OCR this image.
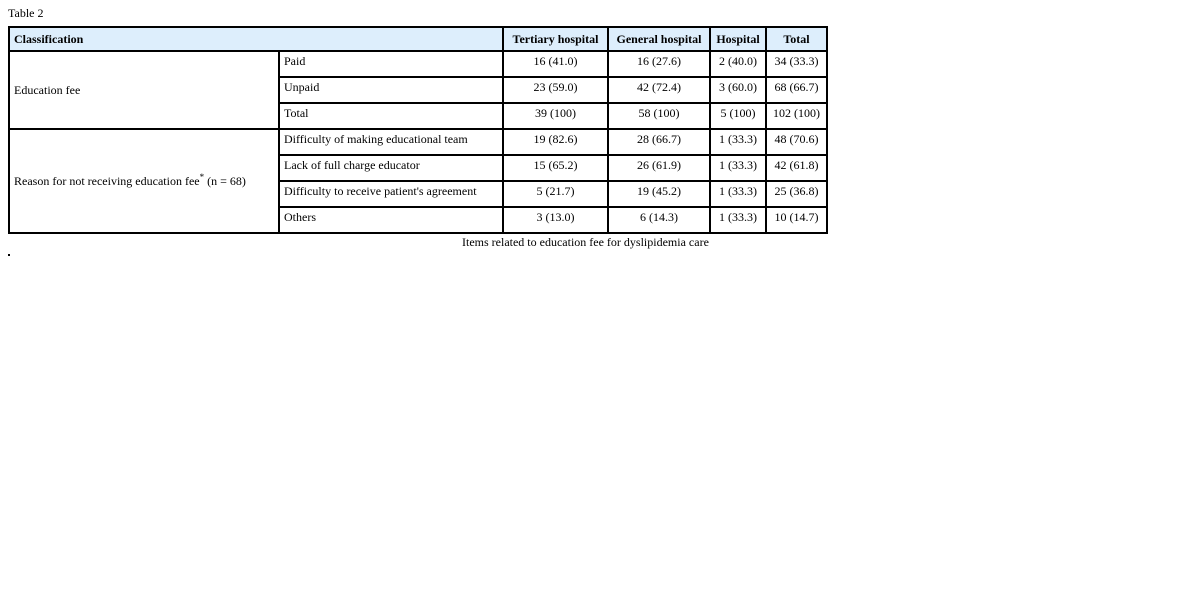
Table 2
Classification		Tertiary hospital	General hospital	Hospital	Total
Education fee	Paid	16 (41.0)	16 (27.6)	2 (40.0)	34 (33.3)
	Unpaid	23 (59.0)	42 (72.4)	3 (60.0)	68 (66.7)
	Total	39 (100)	58 (100)	5 (100)	102 (100)
Reason for not receiving education fee* (n = 68)	Difficulty of making educational team	19 (82.6)	28 (66.7)	1 (33.3)	48 (70.6)
	Lack of full charge educator	15 (65.2)	26 (61.9)	1 (33.3)	42 (61.8)
	Difficulty to receive patient's agreement	5 (21.7)	19 (45.2)	1 (33.3)	25 (36.8)
	Others	3 (13.0)	6 (14.3)	1 (33.3)	10 (14.7)
Items related to education fee for dyslipidemia care
